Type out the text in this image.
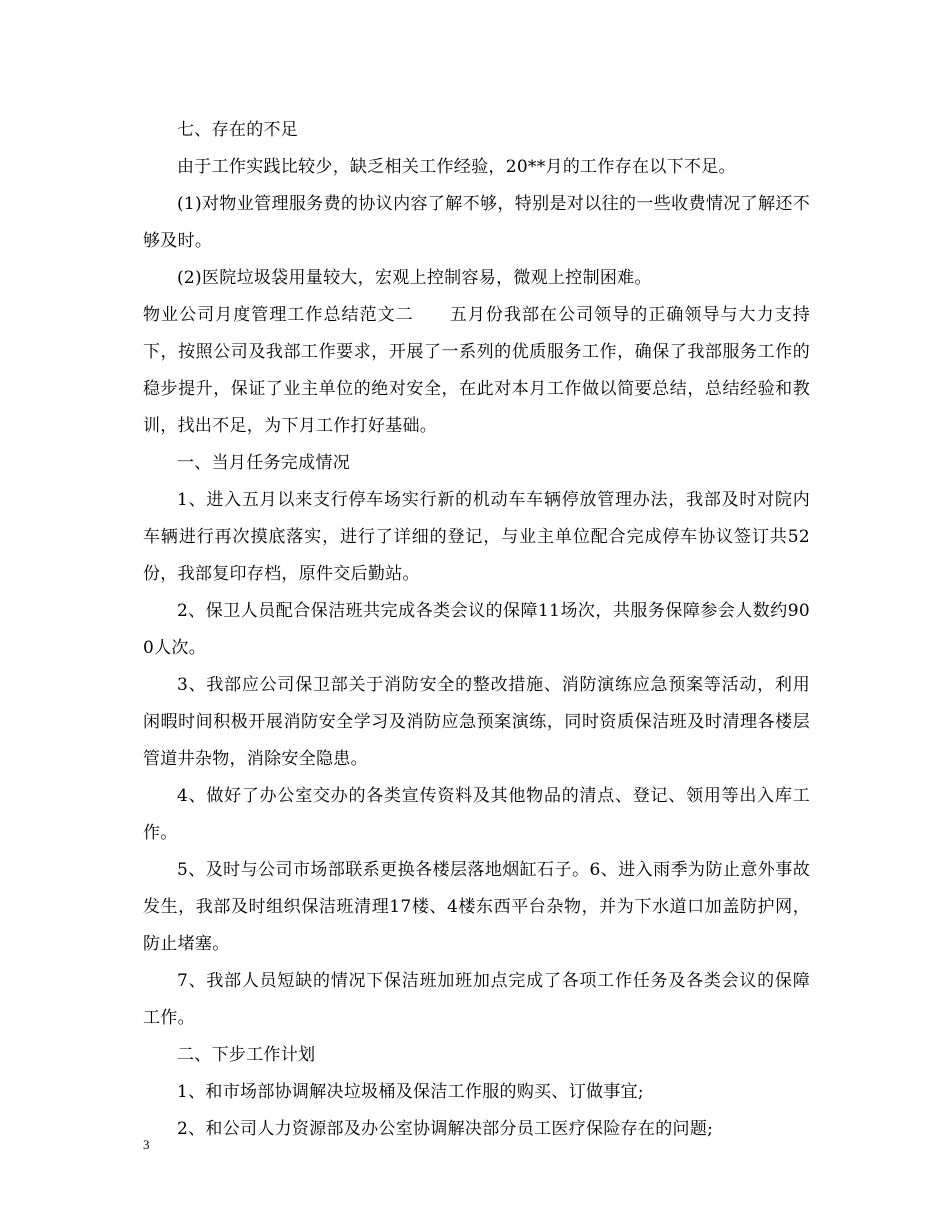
七、存在的不足

由于工作实践比较少，缺乏相关工作经验，20**月的工作存在以下不足。

(1)对物业管理服务费的协议内容了解不够，特别是对以往的一些收费情况了解还不够及时。

(2)医院垃圾袋用量较大，宏观上控制容易，微观上控制困难。

物业公司月度管理工作总结范文二　　五月份我部在公司领导的正确领导与大力支持下，按照公司及我部工作要求，开展了一系列的优质服务工作，确保了我部服务工作的稳步提升，保证了业主单位的绝对安全，在此对本月工作做以简要总结，总结经验和教训，找出不足，为下月工作打好基础。

一、当月任务完成情况

1、进入五月以来支行停车场实行新的机动车车辆停放管理办法，我部及时对院内车辆进行再次摸底落实，进行了详细的登记，与业主单位配合完成停车协议签订共52份，我部复印存档，原件交后勤站。

2、保卫人员配合保洁班共完成各类会议的保障11场次，共服务保障参会人数约900人次。

3、我部应公司保卫部关于消防安全的整改措施、消防演练应急预案等活动，利用闲暇时间积极开展消防安全学习及消防应急预案演练，同时资质保洁班及时清理各楼层管道井杂物，消除安全隐患。

4、做好了办公室交办的各类宣传资料及其他物品的清点、登记、领用等出入库工作。

5、及时与公司市场部联系更换各楼层落地烟缸石子。6、进入雨季为防止意外事故发生，我部及时组织保洁班清理17楼、4楼东西平台杂物，并为下水道口加盖防护网，防止堵塞。

7、我部人员短缺的情况下保洁班加班加点完成了各项工作任务及各类会议的保障工作。

二、下步工作计划

1、和市场部协调解决垃圾桶及保洁工作服的购买、订做事宜;

2、和公司人力资源部及办公室协调解决部分员工医疗保险存在的问题;

3
